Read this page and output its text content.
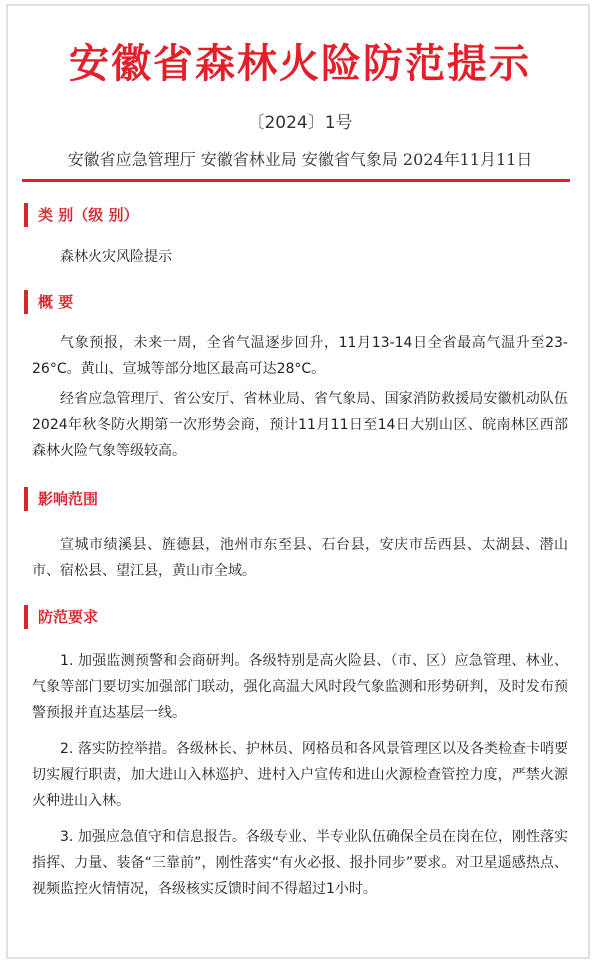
安徽省森林火险防范提示
〔2024〕1号
安徽省应急管理厅 安徽省林业局 安徽省气象局 2024年11月11日
类 别（级 别）

森林火灾风险提示

概 要

气象预报，未来一周，全省气温逐步回升，11月13-14日全省最高气温升至23-26°C。黄山、宣城等部分地区最高可达28°C。

经省应急管理厅、省公安厅、省林业局、省气象局、国家消防救援局安徽机动队伍2024年秋冬防火期第一次形势会商，预计11月11日至14日大别山区、皖南林区西部森林火险气象等级较高。

影响范围

宣城市绩溪县、旌德县，池州市东至县、石台县，安庆市岳西县、太湖县、潜山市、宿松县、望江县，黄山市全域。

防范要求

1. 加强监测预警和会商研判。各级特别是高火险县、（市、区）应急管理、林业、气象等部门要切实加强部门联动，强化高温大风时段气象监测和形势研判，及时发布预警预报并直达基层一线。

2. 落实防控举措。各级林长、护林员、网格员和各风景管理区以及各类检查卡哨要切实履行职责，加大进山入林巡护、进村入户宣传和进山火源检查管控力度，严禁火源火种进山入林。

3. 加强应急值守和信息报告。各级专业、半专业队伍确保全员在岗在位，刚性落实指挥、力量、装备“三靠前”，刚性落实“有火必报、报扑同步”要求。对卫星遥感热点、视频监控火情情况，各级核实反馈时间不得超过1小时。
